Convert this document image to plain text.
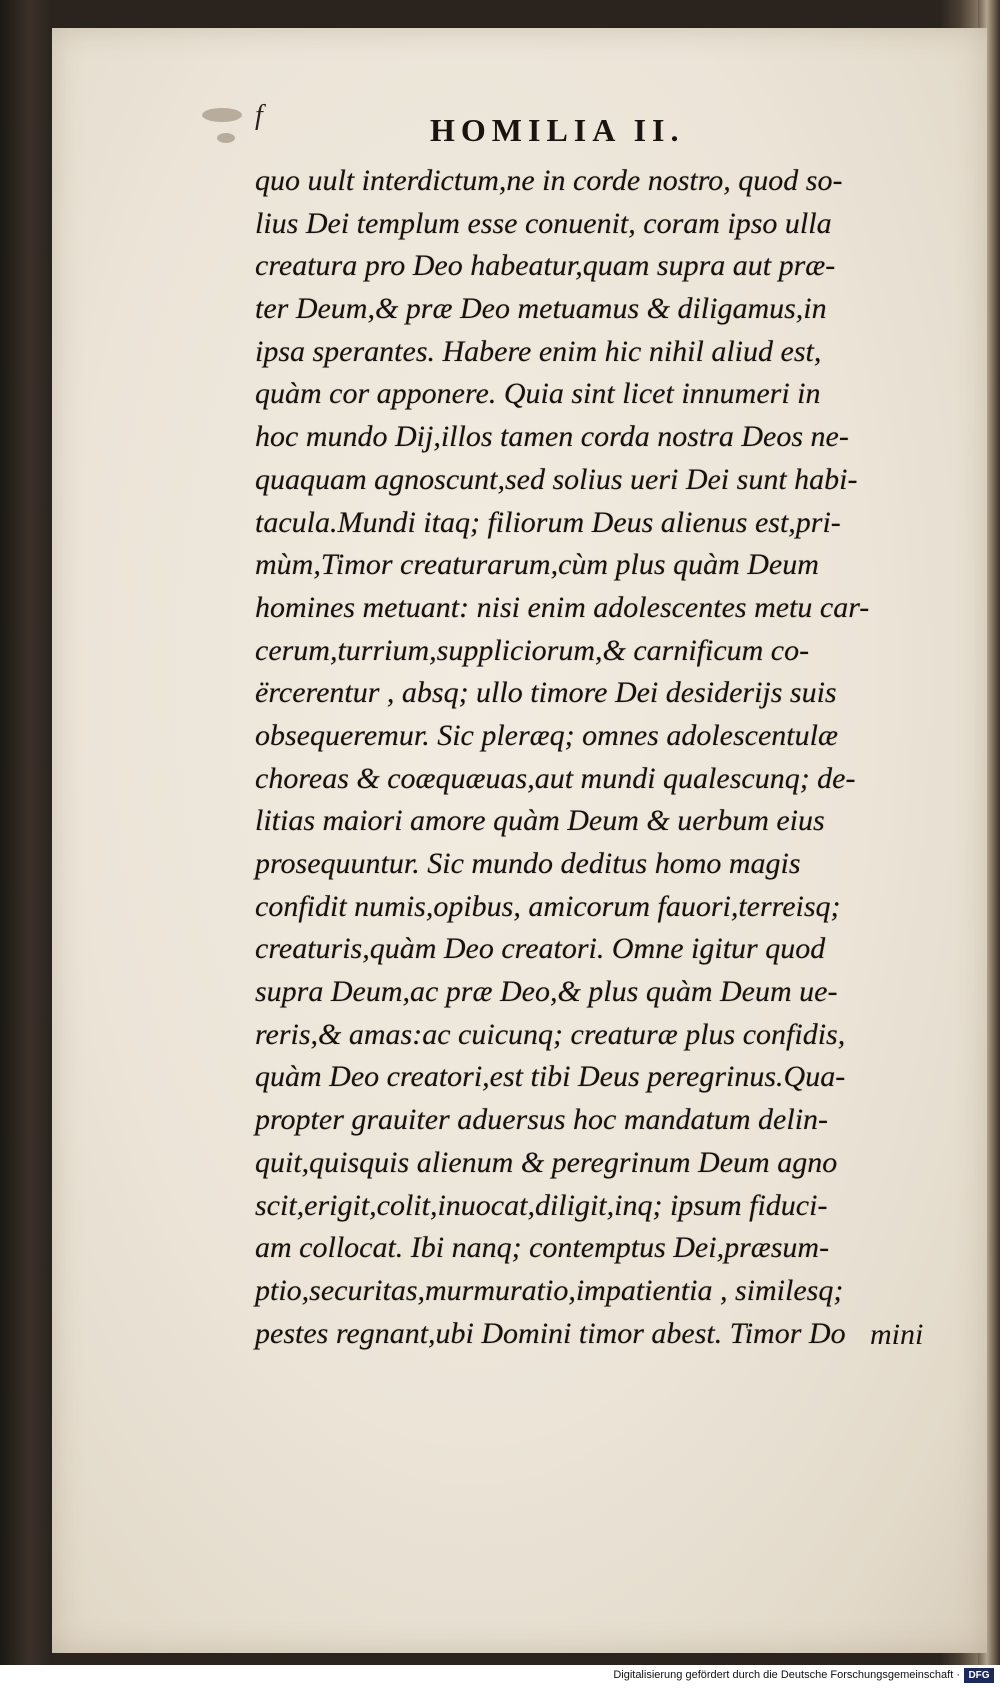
f	HOMILIA II.
quo uult interdictum,ne in corde nostro, quod so-
lius Dei templum esse conuenit, coram ipso ulla
creatura pro Deo habeatur,quam supra aut præ-
ter Deum,& præ Deo metuamus & diligamus,in
ipsa sperantes. Habere enim hic nihil aliud est,
quàm cor apponere. Quia sint licet innumeri in
hoc mundo Dij,illos tamen corda nostra Deos ne-
quaquam agnoscunt,sed solius ueri Dei sunt habi-
tacula.Mundi itaq; filiorum Deus alienus est,pri-
mùm,Timor creaturarum,cùm plus quàm Deum
homines metuant: nisi enim adolescentes metu car-
cerum,turrium,suppliciorum,& carnificum co-
ërcerentur , absq; ullo timore Dei desiderijs suis
obsequeremur. Sic pleræq; omnes adolescentulæ
choreas & coæquæuas,aut mundi qualescunq; de-
litias maiori amore quàm Deum & uerbum eius
prosequuntur. Sic mundo deditus homo magis
confidit numis,opibus, amicorum fauori,terreisq;
creaturis,quàm Deo creatori. Omne igitur quod
supra Deum,ac præ Deo,& plus quàm Deum ue-
reris,& amas:ac cuicunq; creaturæ plus confidis,
quàm Deo creatori,est tibi Deus peregrinus.Qua-
propter grauiter aduersus hoc mandatum delin-
quit,quisquis alienum & peregrinum Deum agno
scit,erigit,colit,inuocat,diligit,inq; ipsum fiduci-
am collocat. Ibi nanq; contemptus Dei,præsum-
ptio,securitas,murmuratio,impatientia , similesq;
pestes regnant,ubi Domini timor abest. Timor Do mini
Digitalisierung gefördert durch die Deutsche Forschungsgemeinschaft · DFG
